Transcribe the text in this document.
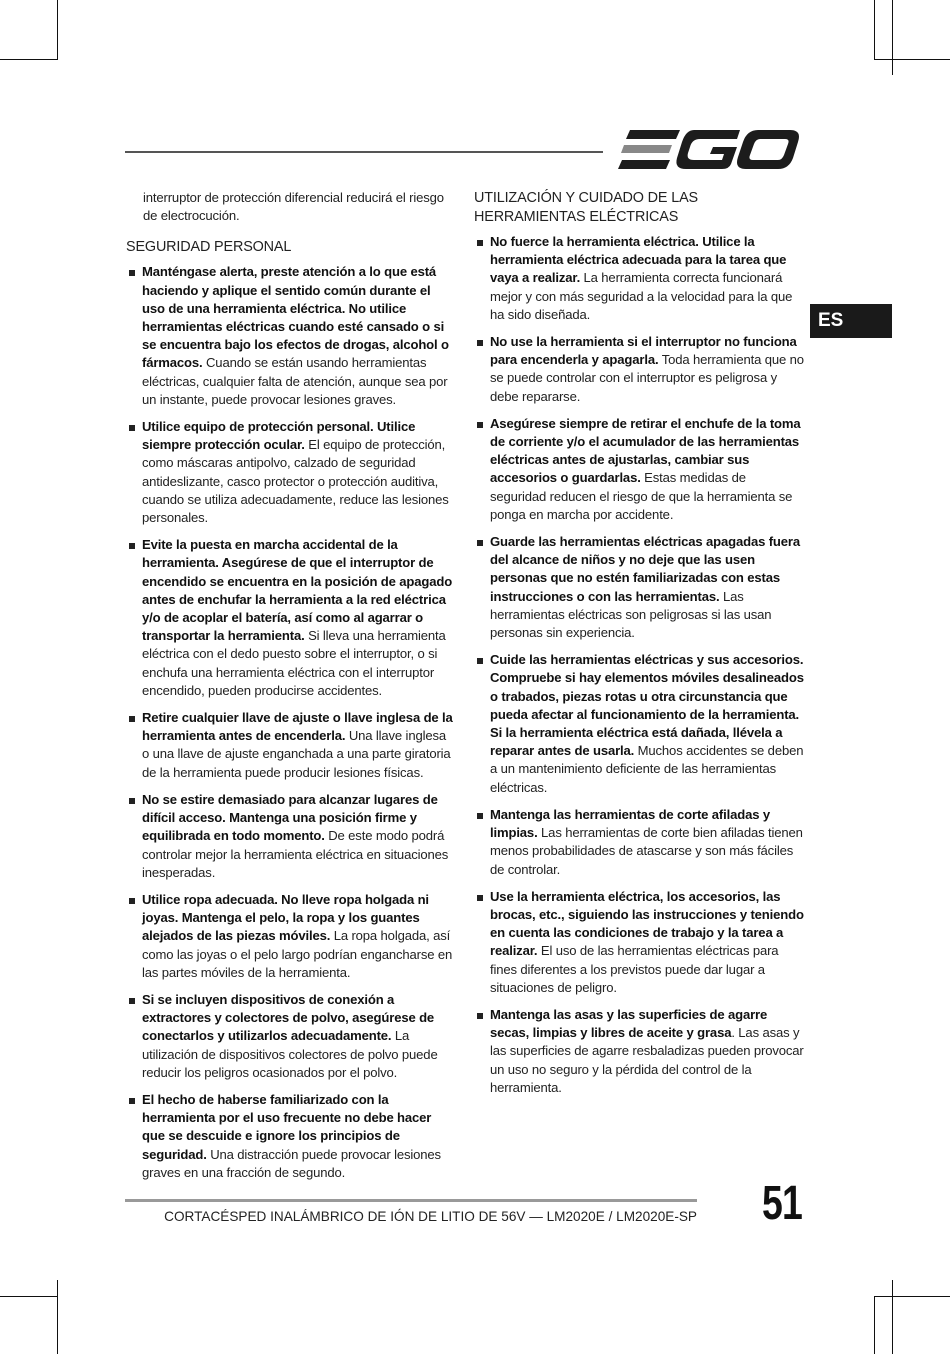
ES

interruptor de protección diferencial reducirá el riesgo de electrocución.

SEGURIDAD PERSONAL
Manténgase alerta, preste atención a lo que está haciendo y aplique el sentido común durante el uso de una herramienta eléctrica. No utilice herramientas eléctricas cuando esté cansado o si se encuentra bajo los efectos de drogas, alcohol o fármacos. Cuando se están usando herramientas eléctricas, cualquier falta de atención, aunque sea por un instante, puede provocar lesiones graves.
Utilice equipo de protección personal. Utilice siempre protección ocular. El equipo de protección, como máscaras antipolvo, calzado de seguridad antideslizante, casco protector o protección auditiva, cuando se utiliza adecuadamente, reduce las lesiones personales.
Evite la puesta en marcha accidental de la herramienta. Asegúrese de que el interruptor de encendido se encuentra en la posición de apagado antes de enchufar la herramienta a la red eléctrica y/o de acoplar el batería, así como al agarrar o transportar la herramienta. Si lleva una herramienta eléctrica con el dedo puesto sobre el interruptor, o si enchufa una herramienta eléctrica con el interruptor encendido, pueden producirse accidentes.
Retire cualquier llave de ajuste o llave inglesa de la herramienta antes de encenderla. Una llave inglesa o una llave de ajuste enganchada a una parte giratoria de la herramienta puede producir lesiones físicas.
No se estire demasiado para alcanzar lugares de difícil acceso. Mantenga una posición firme y equilibrada en todo momento. De este modo podrá controlar mejor la herramienta eléctrica en situaciones inesperadas.
Utilice ropa adecuada. No lleve ropa holgada ni joyas. Mantenga el pelo, la ropa y los guantes alejados de las piezas móviles. La ropa holgada, así como las joyas o el pelo largo podrían engancharse en las partes móviles de la herramienta.
Si se incluyen dispositivos de conexión a extractores y colectores de polvo, asegúrese de conectarlos y utilizarlos adecuadamente. La utilización de dispositivos colectores de polvo puede reducir los peligros ocasionados por el polvo.
El hecho de haberse familiarizado con la herramienta por el uso frecuente no debe hacer que se descuide e ignore los principios de seguridad. Una distracción puede provocar lesiones graves en una fracción de segundo.
UTILIZACIÓN Y CUIDADO DE LAS HERRAMIENTAS ELÉCTRICAS
No fuerce la herramienta eléctrica. Utilice la herramienta eléctrica adecuada para la tarea que vaya a realizar. La herramienta correcta funcionará mejor y con más seguridad a la velocidad para la que ha sido diseñada.
No use la herramienta si el interruptor no funciona para encenderla y apagarla. Toda herramienta que no se puede controlar con el interruptor es peligrosa y debe repararse.
Asegúrese siempre de retirar el enchufe de la toma de corriente y/o el acumulador de las herramientas eléctricas antes de ajustarlas, cambiar sus accesorios o guardarlas. Estas medidas de seguridad reducen el riesgo de que la herramienta se ponga en marcha por accidente.
Guarde las herramientas eléctricas apagadas fuera del alcance de niños y no deje que las usen personas que no estén familiarizadas con estas instrucciones o con las herramientas. Las herramientas eléctricas son peligrosas si las usan personas sin experiencia.
Cuide las herramientas eléctricas y sus accesorios. Compruebe si hay elementos móviles desalineados o trabados, piezas rotas u otra circunstancia que pueda afectar al funcionamiento de la herramienta. Si la herramienta eléctrica está dañada, llévela a reparar antes de usarla. Muchos accidentes se deben a un mantenimiento deficiente de las herramientas eléctricas.
Mantenga las herramientas de corte afiladas y limpias. Las herramientas de corte bien afiladas tienen menos probabilidades de atascarse y son más fáciles de controlar.
Use la herramienta eléctrica, los accesorios, las brocas, etc., siguiendo las instrucciones y teniendo en cuenta las condiciones de trabajo y la tarea a realizar. El uso de las herramientas eléctricas para fines diferentes a los previstos puede dar lugar a situaciones de peligro.
Mantenga las asas y las superficies de agarre secas, limpias y libres de aceite y grasa. Las asas y las superficies de agarre resbaladizas pueden provocar un uso no seguro y la pérdida del control de la herramienta.
CORTACÉSPED INALÁMBRICO DE IÓN DE LITIO DE 56V — LM2020E / LM2020E-SP 51
